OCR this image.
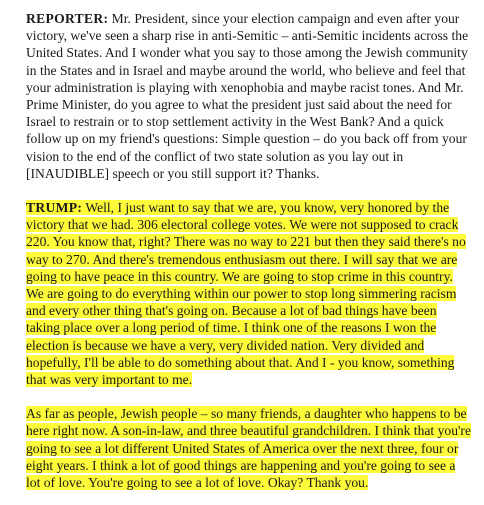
REPORTER: Mr. President, since your election campaign and even after your victory, we've seen a sharp rise in anti-Semitic – anti-Semitic incidents across the United States. And I wonder what you say to those among the Jewish community in the States and in Israel and maybe around the world, who believe and feel that your administration is playing with xenophobia and maybe racist tones. And Mr. Prime Minister, do you agree to what the president just said about the need for Israel to restrain or to stop settlement activity in the West Bank? And a quick follow up on my friend's questions: Simple question – do you back off from your vision to the end of the conflict of two state solution as you lay out in [INAUDIBLE] speech or you still support it? Thanks.

TRUMP: Well, I just want to say that we are, you know, very honored by the victory that we had. 306 electoral college votes. We were not supposed to crack 220. You know that, right? There was no way to 221 but then they said there's no way to 270. And there's tremendous enthusiasm out there. I will say that we are going to have peace in this country. We are going to stop crime in this country. We are going to do everything within our power to stop long simmering racism and every other thing that's going on. Because a lot of bad things have been taking place over a long period of time. I think one of the reasons I won the election is because we have a very, very divided nation. Very divided and hopefully, I'll be able to do something about that. And I - you know, something that was very important to me.

As far as people, Jewish people – so many friends, a daughter who happens to be here right now. A son-in-law, and three beautiful grandchildren. I think that you're going to see a lot different United States of America over the next three, four or eight years. I think a lot of good things are happening and you're going to see a lot of love. You're going to see a lot of love. Okay? Thank you.
